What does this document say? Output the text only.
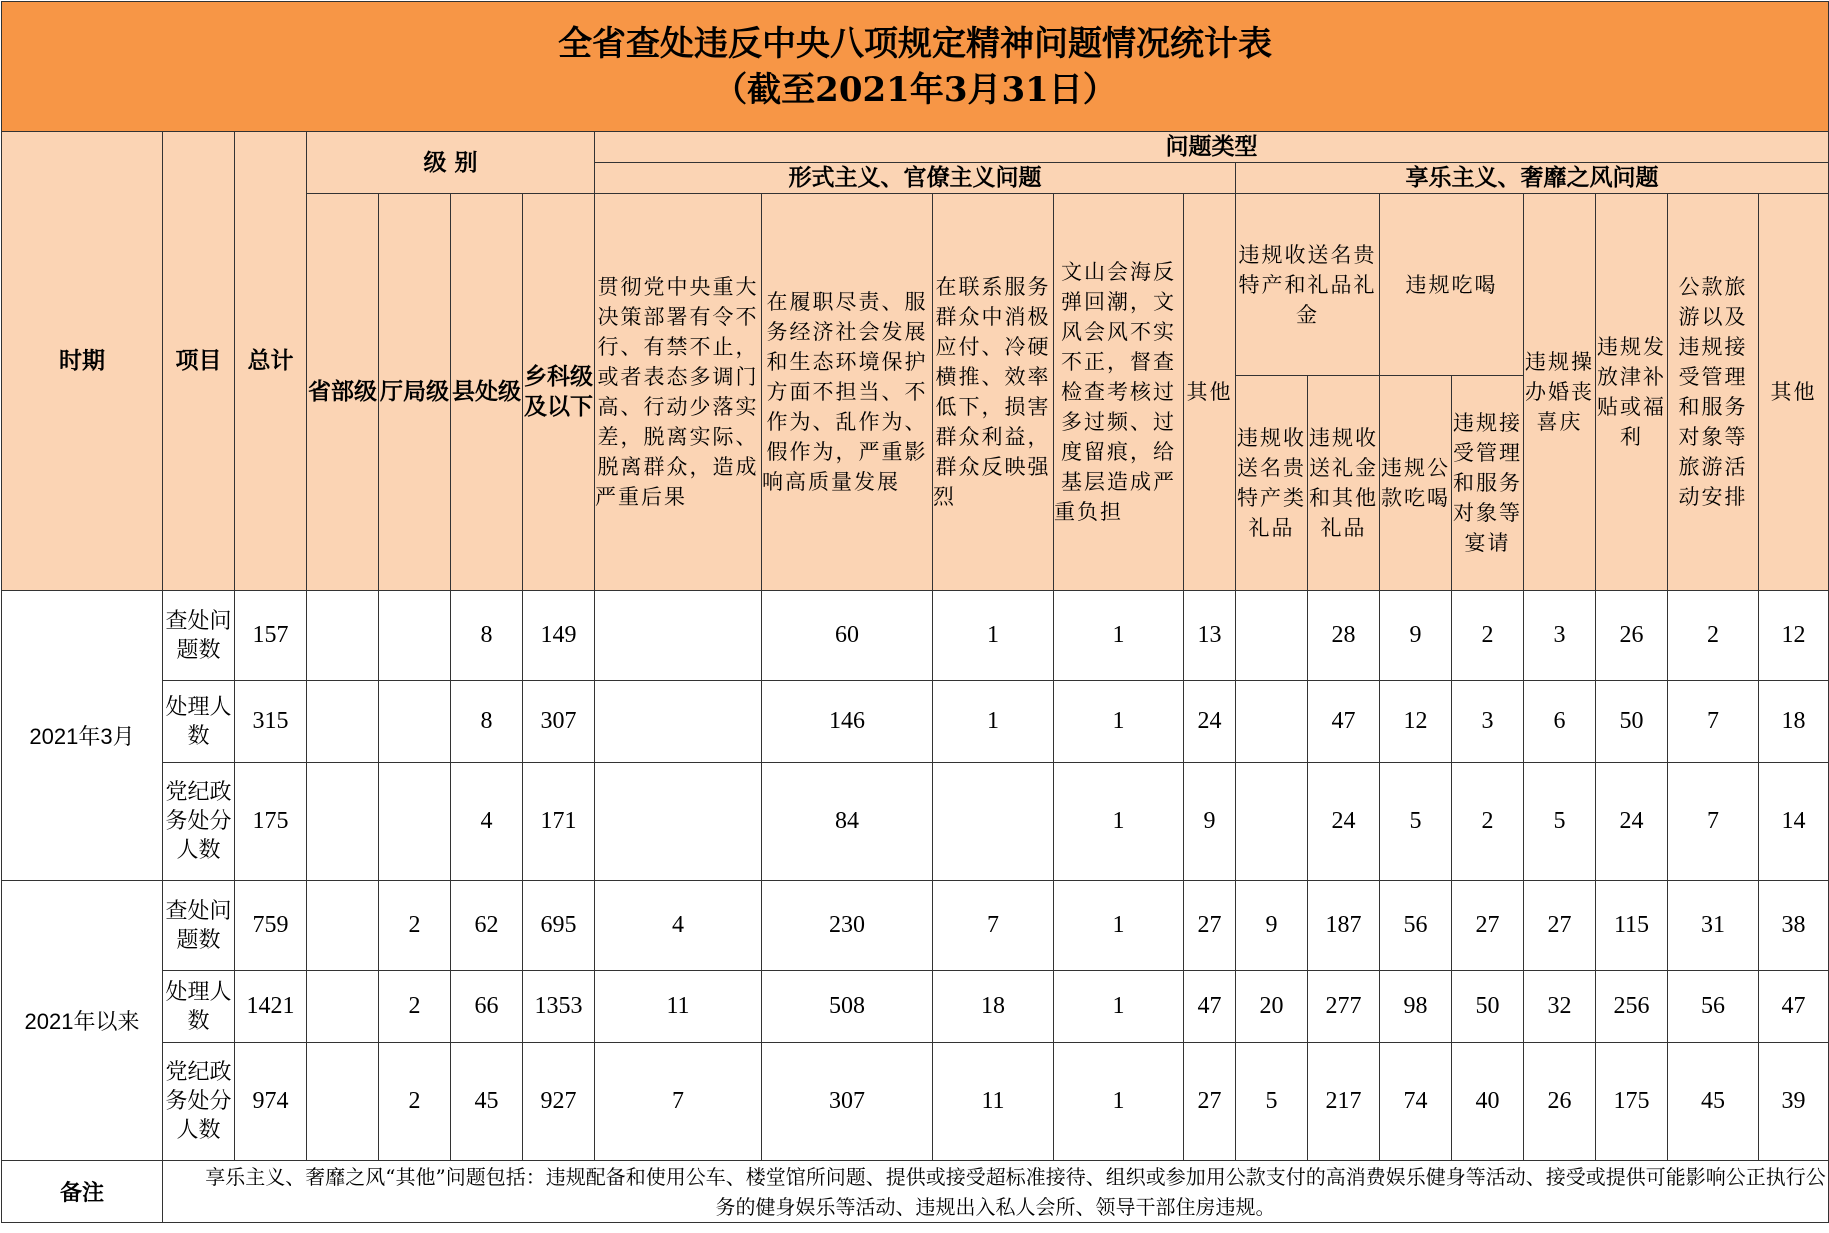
全省查处违反中央八项规定精神问题情况统计表
（截至2021年3月31日）																			

时期	项目	总计	级 别				问题类型												
							形式主义、官僚主义问题					享乐主义、奢靡之风问题							
			省部级	厅局级	县处级	乡科级及以下	贯彻党中央重大决策部署有令不行、有禁不止，或者表态多调门高、行动少落实差，脱离实际、脱离群众，造成严重后果	在履职尽责、服务经济社会发展和生态环境保护方面不担当、不作为、乱作为、假作为，严重影响高质量发展	在联系服务群众中消极应付、冷硬横推、效率低下，损害群众利益，群众反映强烈	文山会海反弹回潮，文风会风不实不正，督查检查考核过多过频、过度留痕，给基层造成严重负担	其他	违规收送名贵特产和礼品礼金		违规吃喝		违规操办婚丧喜庆	违规发放津补贴或福利	公款旅游以及违规接受管理和服务对象等旅游活动安排	其他
												违规收送名贵特产类礼品	违规收送礼金和其他礼品	违规公款吃喝	违规接受管理和服务对象等宴请				
2021年3月	查处问题数	157			8	149		60	1	1	13		28	9	2	3	26	2	12
	处理人数	315			8	307		146	1	1	24		47	12	3	6	50	7	18
	党纪政务处分人数	175			4	171		84		1	9		24	5	2	5	24	7	14
2021年以来	查处问题数	759		2	62	695	4	230	7	1	27	9	187	56	27	27	115	31	38
	处理人数	1421		2	66	1353	11	508	18	1	47	20	277	98	50	32	256	56	47
	党纪政务处分人数	974		2	45	927	7	307	11	1	27	5	217	74	40	26	175	45	39
备注	享乐主义、奢靡之风“其他”问题包括：违规配备和使用公车、楼堂馆所问题、提供或接受超标准接待、组织或参加用公款支付的高消费娱乐健身等活动、接受或提供可能影响公正执行公务的健身娱乐等活动、违规出入私人会所、领导干部住房违规。																		
